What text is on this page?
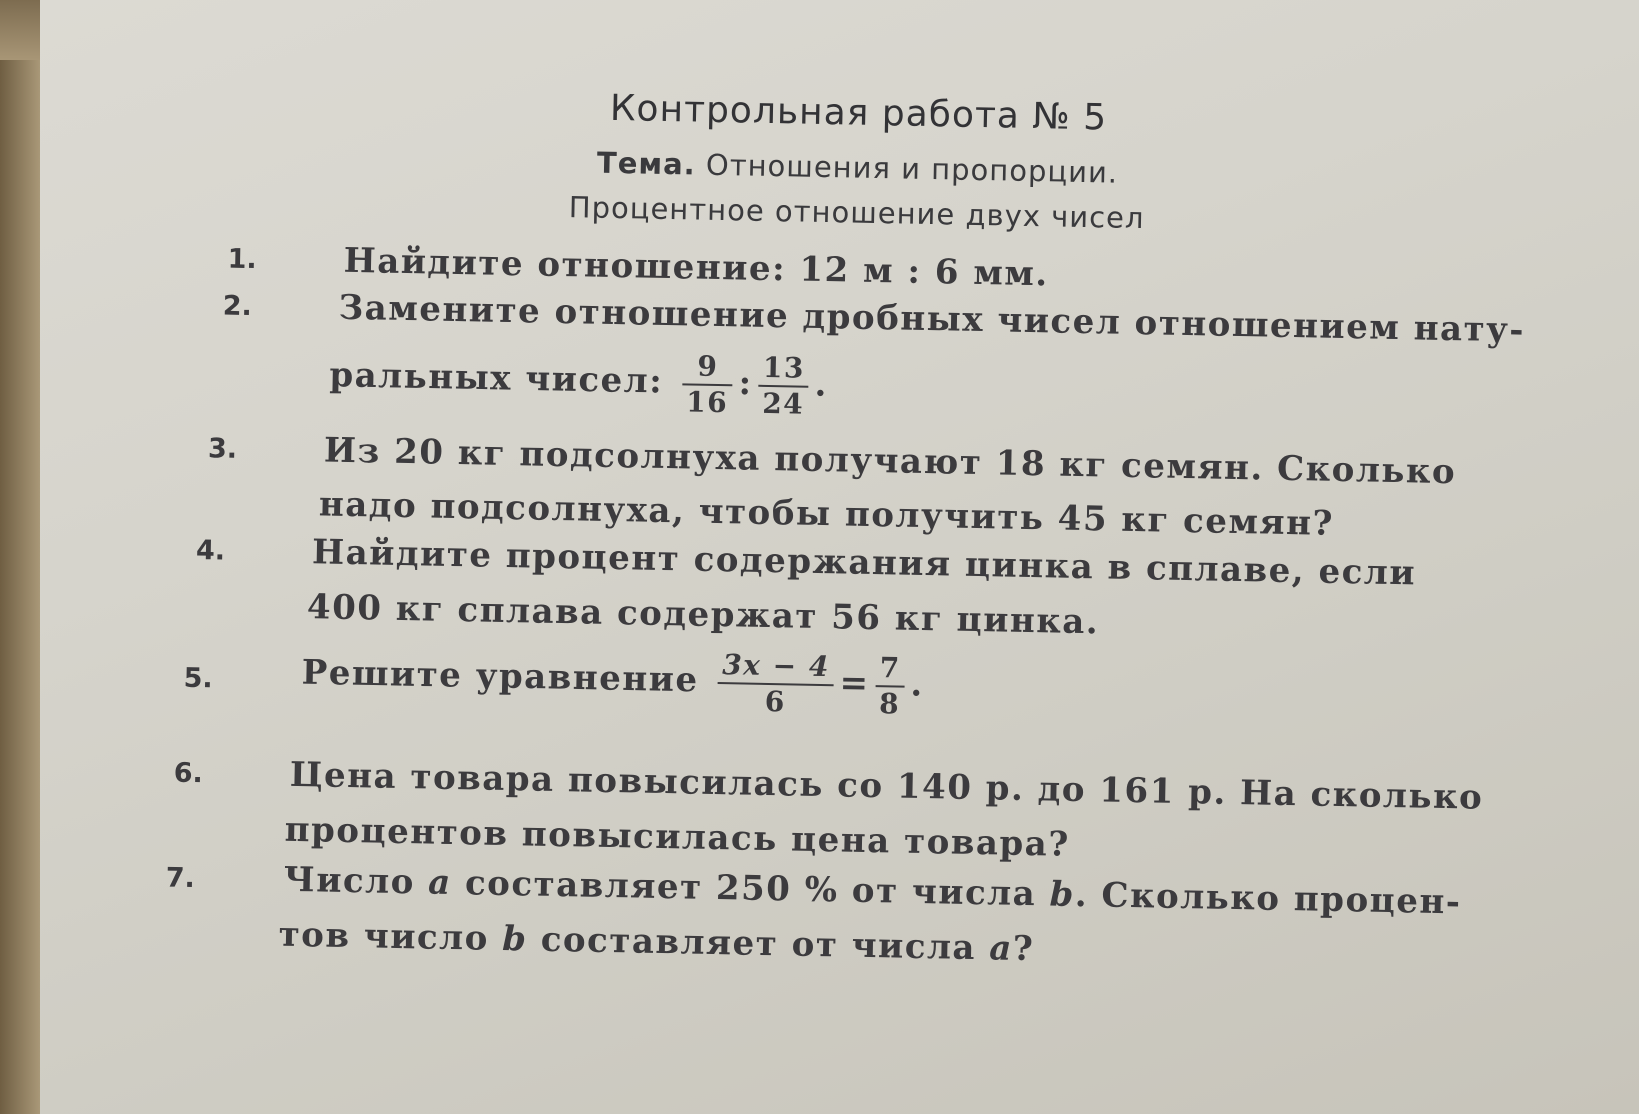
Контрольная работа № 5
Тема. Отношения и пропорции.
Процентное отношение двух чисел
1.	Найдите отношение: 12 м : 6 мм.
2.	Замените отношение дробных чисел отношением нату-
ральных чисел: $\frac{9}{16}$ : $\frac{13}{24}$ .
3.	Из 20 кг подсолнуха получают 18 кг семян. Сколько
надо подсолнуха, чтобы получить 45 кг семян?
4.	Найдите процент содержания цинка в сплаве, если
400 кг сплава содержат 56 кг цинка.
5.	Решите уравнение $\frac{3x - 4}{6} = \frac{7}{8}$ .
6.	Цена товара повысилась со 140 р. до 161 р. На сколько
процентов повысилась цена товара?
7.	Число a составляет 250 % от числа b. Сколько процен-
тов число b составляет от числа a?
